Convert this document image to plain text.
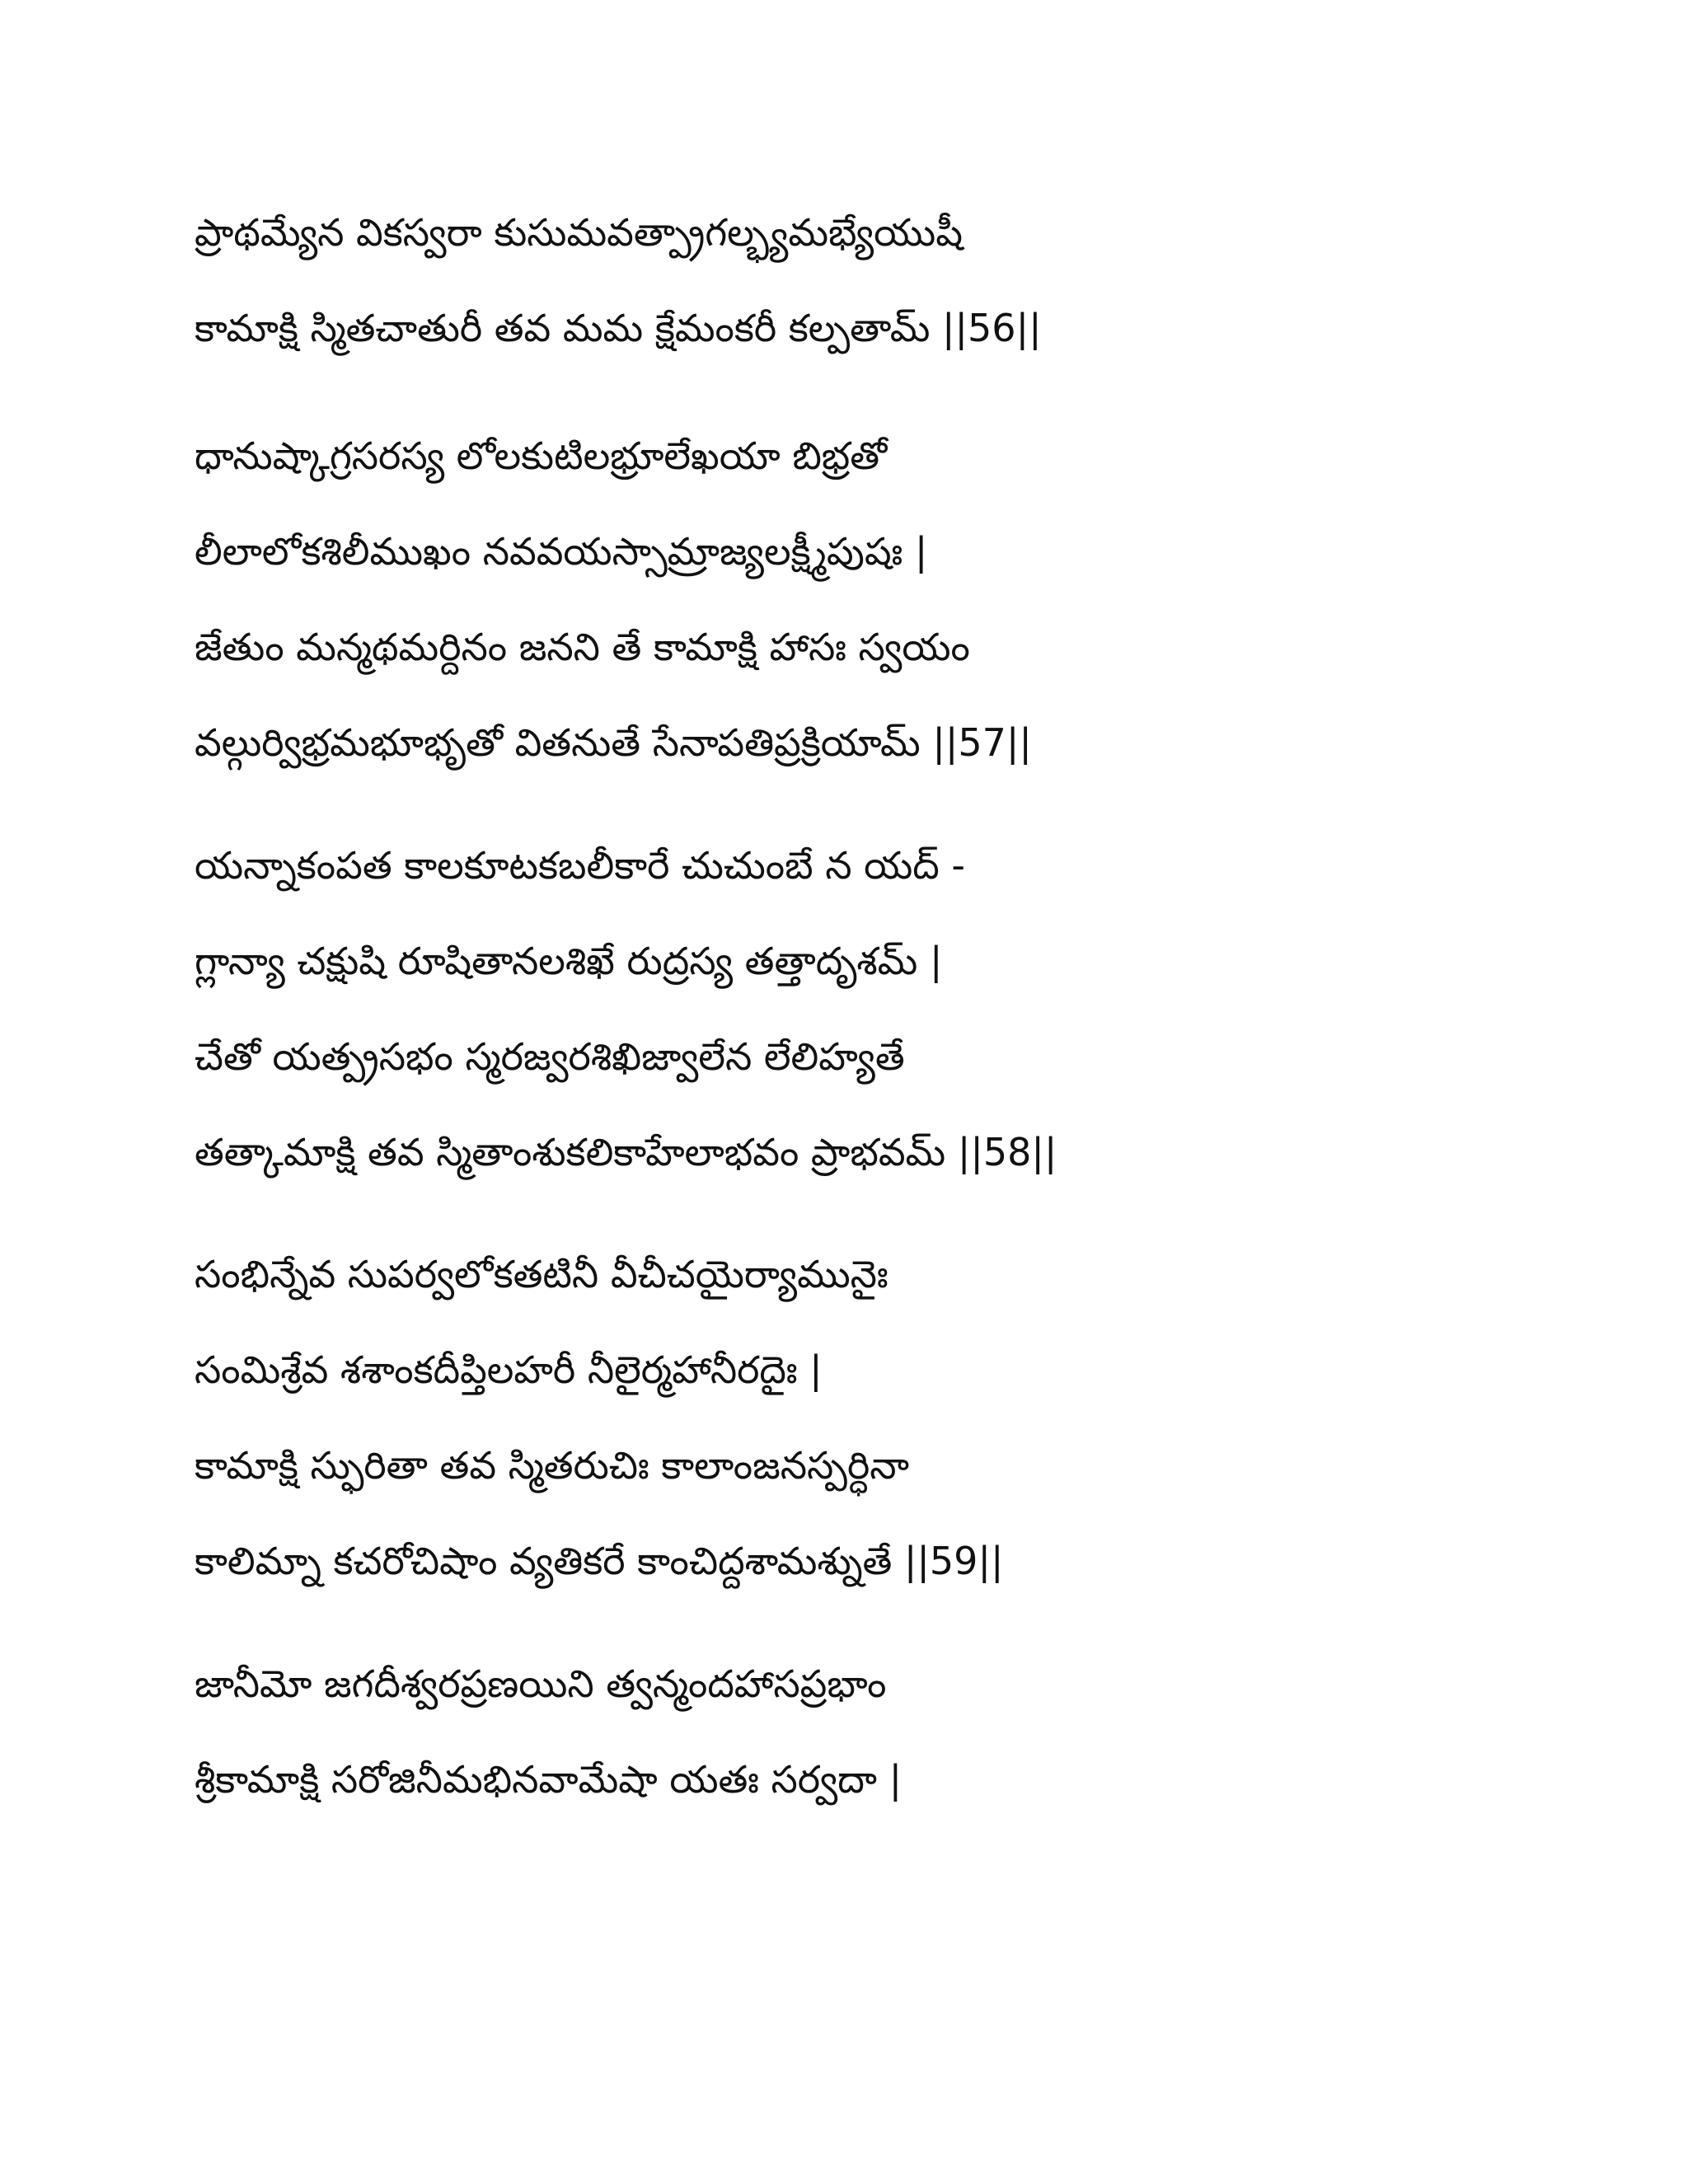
ప్రాథమ్యేన వికస్వరా కుసుమవత్ప్రాగల్భ్యమభ్యేయుషీ
కామాక్షి స్మితచాతురీ తవ మమ క్షేమంకరీ కల్పతామ్ ||56||
ధానుష్కాగ్రసరస్య లోలకుటిలభ్రూలేఖయా బిభ్రతో
లీలాలోకశిలీముఖం నవవయస్సామ్రాజ్యలక్ష్మీపుషః |
జేతుం మన్మథమర్దినం జనని తే కామాక్షి హాసః స్వయం
వల్గుర్విభ్రమభూభృతో వితనుతే సేనాపతిప్రక్రియామ్ ||57||
యన్నాకంపత కాలకూటకబలీకారే చుచుంబే న యద్ -
గ్లాన్యా చక్షుషి రూషితానలశిఖే రుద్రస్య తత్తాదృశమ్ |
చేతో యత్ప్రసభం స్మరజ్వరశిఖిజ్వాలేన లేలిహ్యతే
తత్కామాక్షి తవ స్మితాంశుకలికాహేలాభవం ప్రాభవమ్ ||58||
సంభిన్నేవ సుపర్వలోకతటినీ వీచీచయైర్యామునైః
సంమిశ్రేవ శశాంకదీప్తిలహరీ నీలైర్మహానీరదైః |
కామాక్షి స్ఫురితా తవ స్మితరుచిః కాలాంజనస్పర్ధినా
కాలిమ్నా కచరోచిషాం వ్యతికరే కాంచిద్దశామశ్నుతే ||59||
జానీమో జగదీశ్వరప్రణయిని త్వన్మందహాసప్రభాం
శ్రీకామాక్షి సరోజినీమభినవామేషా యతః సర్వదా |
